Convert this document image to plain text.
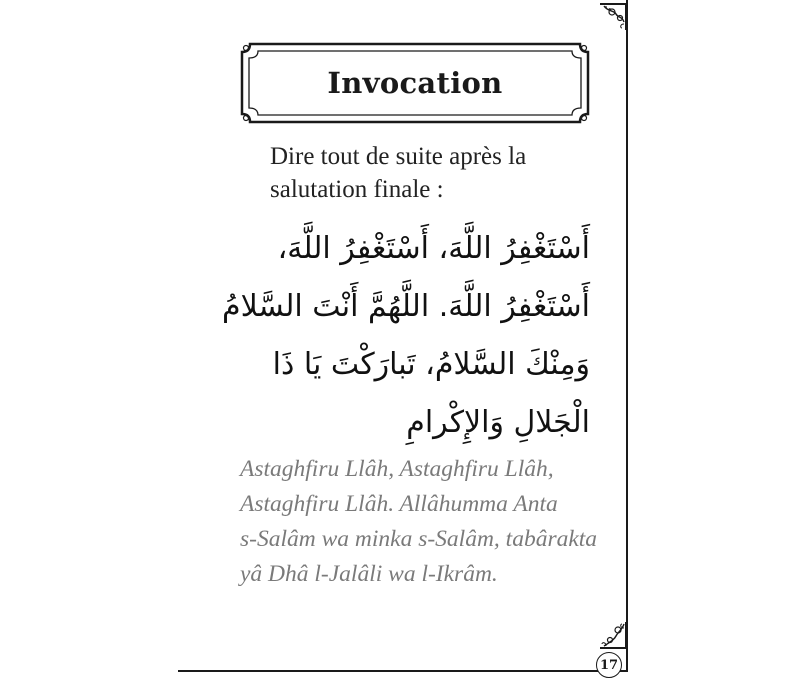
Invocation
Dire tout de suite après la
salutation finale :
أَسْتَغْفِرُ اللَّهَ، أَسْتَغْفِرُ اللَّهَ،
أَسْتَغْفِرُ اللَّهَ. اللَّهُمَّ أَنْتَ السَّلامُ
وَمِنْكَ السَّلامُ، تَبارَكْتَ يَا ذَا
الْجَلالِ وَالإِكْرامِ
Astaghfiru Llâh, Astaghfiru Llâh,
Astaghfiru Llâh. Allâhumma Anta
s-Salâm wa minka s-Salâm, tabârakta
yâ Dhâ l-Jalâli wa l-Ikrâm.
17
